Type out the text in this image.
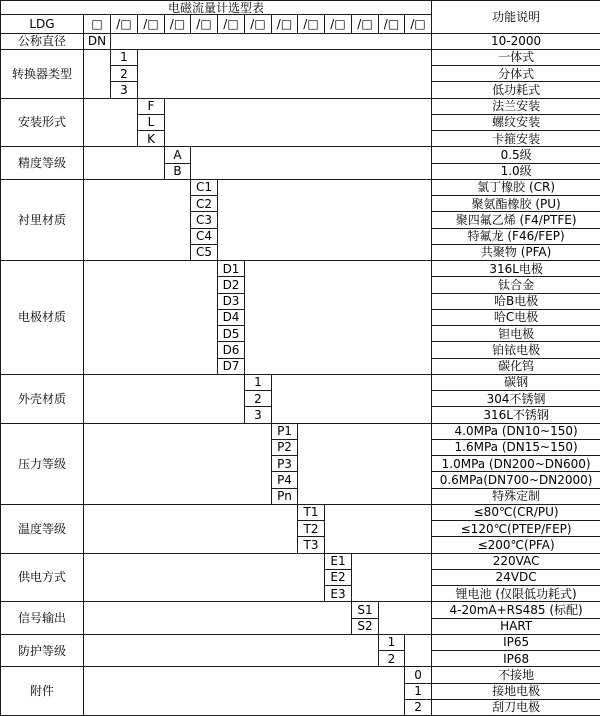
电磁流量计选型表														功能说明
LDG	□	/□	/□	/□	/□	/□	/□	/□	/□	/□	/□	/□	/□	
公称直径	DN													10-2000
转换器类型		1												一体式
		2												分体式
		3												低功耗式
安装形式			F											法兰安装
			L											螺纹安装
			K											卡箍安装
精度等级				A										0.5级
				B										1.0级
衬里材质					C1									氯丁橡胶 (CR)
					C2									聚氨酯橡胶 (PU)
					C3									聚四氟乙烯 (F4/PTFE)
					C4									特氟龙 (F46/FEP)
					C5									共聚物 (PFA)
电极材质						D1								316L电极
						D2								钛合金
						D3								哈B电极
						D4								哈C电极
						D5								钽电极
						D6								铂铱电极
						D7								碳化钨
外壳材质							1							碳钢
							2							304不锈钢
							3							316L不锈钢
压力等级								P1						4.0MPa (DN10~150)
								P2						1.6MPa (DN15~150)
								P3						1.0MPa (DN200~DN600)
								P4						0.6MPa(DN700~DN2000)
								Pn						特殊定制
温度等级									T1					≤80℃(CR/PU)
									T2					≤120℃(PTEP/FEP)
									T3					≤200℃(PFA)
供电方式										E1				220VAC
										E2				24VDC
										E3				锂电池 (仅限低功耗式)
信号输出											S1			4-20mA+RS485 (标配)
											S2			HART
防护等级												1		IP65
												2		IP68
附件													0	不接地
													1	接地电极
													2	刮刀电极
